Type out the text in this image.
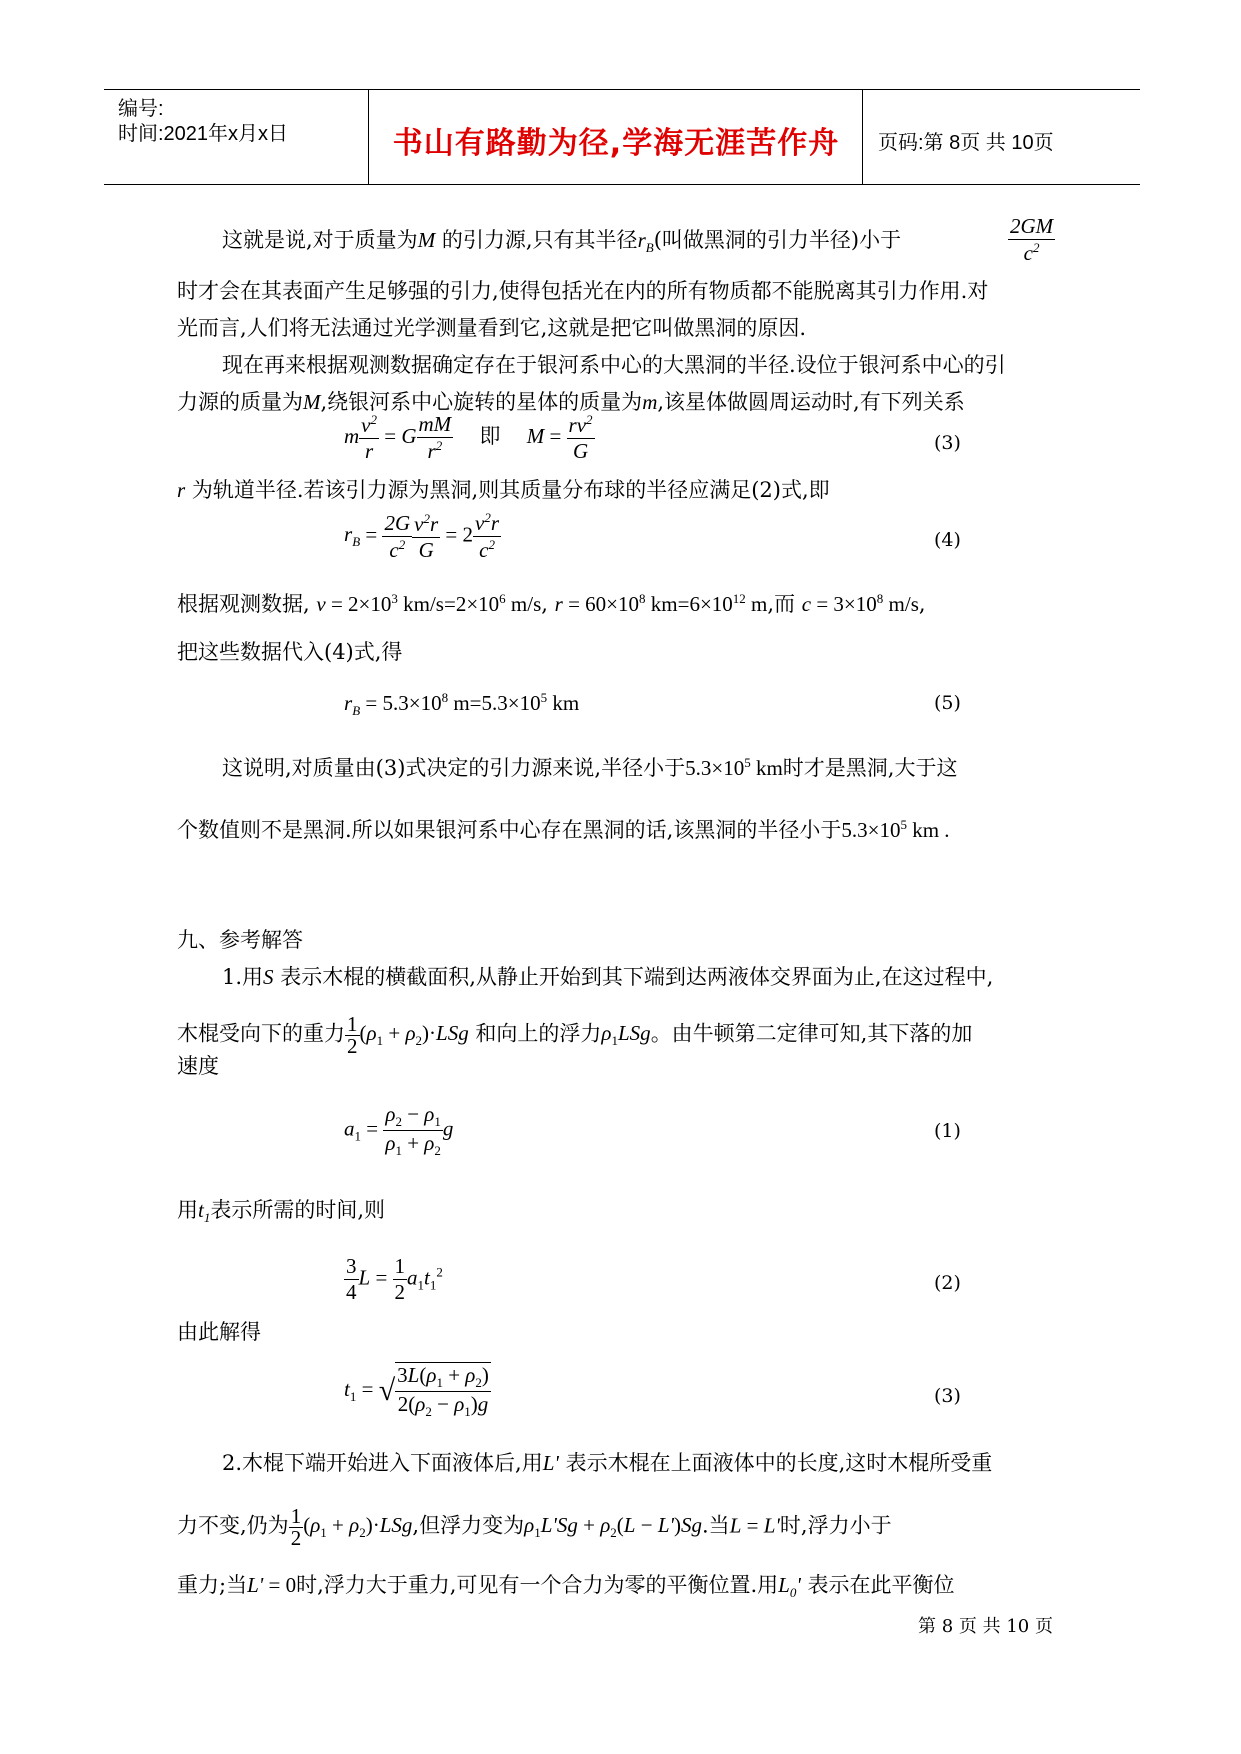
编号:
时间:2021年x月x日	书山有路勤为径,学海无涯苦作舟	页码:第 8页 共 10页
这就是说,对于质量为M 的引力源,只有其半径$r_B$(叫做黑洞的引力半径)小于	$\frac{2GM}{c^2}$
时才会在其表面产生足够强的引力,使得包括光在内的所有物质都不能脱离其引力作用.对
光而言,人们将无法通过光学测量看到它,这就是把它叫做黑洞的原因.
现在再来根据观测数据确定存在于银河系中心的大黑洞的半径.设位于银河系中心的引
力源的质量为M,绕银河系中心旋转的星体的质量为m,该星体做圆周运动时,有下列关系
m $\frac{v^2}{r} = G \frac{mM}{r^2}$ 即 $M = \frac{rv^2}{G}$	(3)
r 为轨道半径.若该引力源为黑洞,则其质量分布球的半径应满足(2)式,即
$r_B = \frac{2G}{c^2} \frac{v^2r}{G} = 2 \frac{v^2r}{c^2}$	(4)
根据观测数据, $v = 2\times 10^3$ $km/s=2\times 10^6$ m/s, $r = 60\times 10^8$ $km=6\times 10^{12}$ m,而 $c = 3\times 10^8$ m/s,
把这些数据代入(4)式,得
$r_B = 5.3\times 10^8$ $m=5.3\times 10^5$ km	(5)
这说明,对质量由(3)式决定的引力源来说,半径小于$5.3\times 10^5$ km时才是黑洞,大于这
个数值则不是黑洞.所以如果银河系中心存在黑洞的话,该黑洞的半径小于$5.3\times 10^5$ km .
九、参考解答
1.用S 表示木棍的横截面积,从静止开始到其下端到达两液体交界面为止,在这过程中,
木棍受向下的重力 $\frac{1}{2} (\rho_1 + \rho_2)\cdot LSg$ 和向上的浮力$\rho_1LSg$。由牛顿第二定律可知,其下落的加
速度
$a_1 = \frac{\rho_2 - \rho_1}{\rho_1 + \rho_2}$ g	(1)
用$t_1$表示所需的时间,则
$\frac{3}{4}$ $L = \frac{1}{2} a_1t_1^2$
(2)
由此解得
$t_1$ = √ $\frac{3L(\rho_1 + \rho_2)}{2(\rho_2 - \rho_1)g}$	(3)
2.木棍下端开始进入下面液体后,用L' 表示木棍在上面液体中的长度,这时木棍所受重
力不变,仍为 $\frac{1}{2} (\rho_1 + \rho_2)\cdot LSg$,但浮力变为$\rho_1L'Sg + \rho_2(L - L')Sg$.当L = L'时,浮力小于
重力;当L' = 0时,浮力大于重力,可见有一个合力为零的平衡位置.用$L_0'$ 表示在此平衡位
第 8 页 共 10 页
